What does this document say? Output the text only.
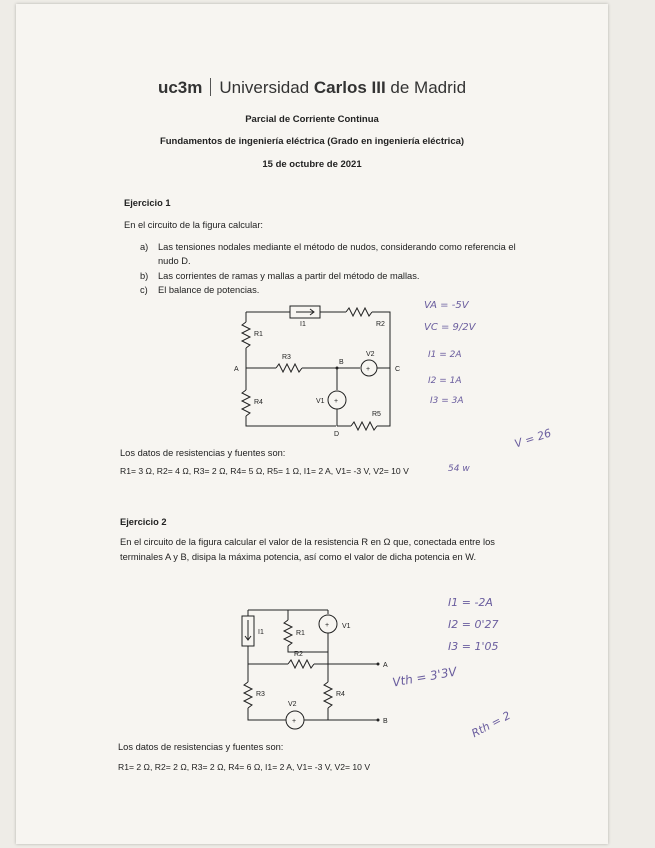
uc3m Universidad Carlos III de Madrid
Parcial de Corriente Continua
Fundamentos de ingeniería eléctrica (Grado en ingeniería eléctrica)
15 de octubre de 2021
Ejercicio 1
En el circuito de la figura calcular:
a) Las tensiones nodales mediante el método de nudos, considerando como referencia el
nudo D.
b) Las corrientes de ramas y mallas a partir del método de mallas.
c) El balance de potencias.
+
+
R1
I1	R2
R3	V2
A
B
C
R4	V1
R5
D
VA = -5V
VC = 9/2V
I1 = 2A
I2 = 1A
I3 = 3A
V = 26
54 w
Los datos de resistencias y fuentes son:
R1= 3 Ω, R2= 4 Ω, R3= 2 Ω, R4= 5 Ω, R5= 1 Ω, I1= 2 A, V1= -3 V, V2= 10 V
Ejercicio 2
En el circuito de la figura calcular el valor de la resistencia R en Ω que, conectada entre los
terminales A y B, disipa la máxima potencia, así como el valor de dicha potencia en W.
+
+
I1	R1
V1
R2
A
R3	R4
V2
B
I1 = -2A
I2 = 0'27
I3 = 1'05
Vth = 3'3V
Rth = 2
Los datos de resistencias y fuentes son:
R1= 2 Ω, R2= 2 Ω, R3= 2 Ω, R4= 6 Ω, I1= 2 A, V1= -3 V, V2= 10 V
